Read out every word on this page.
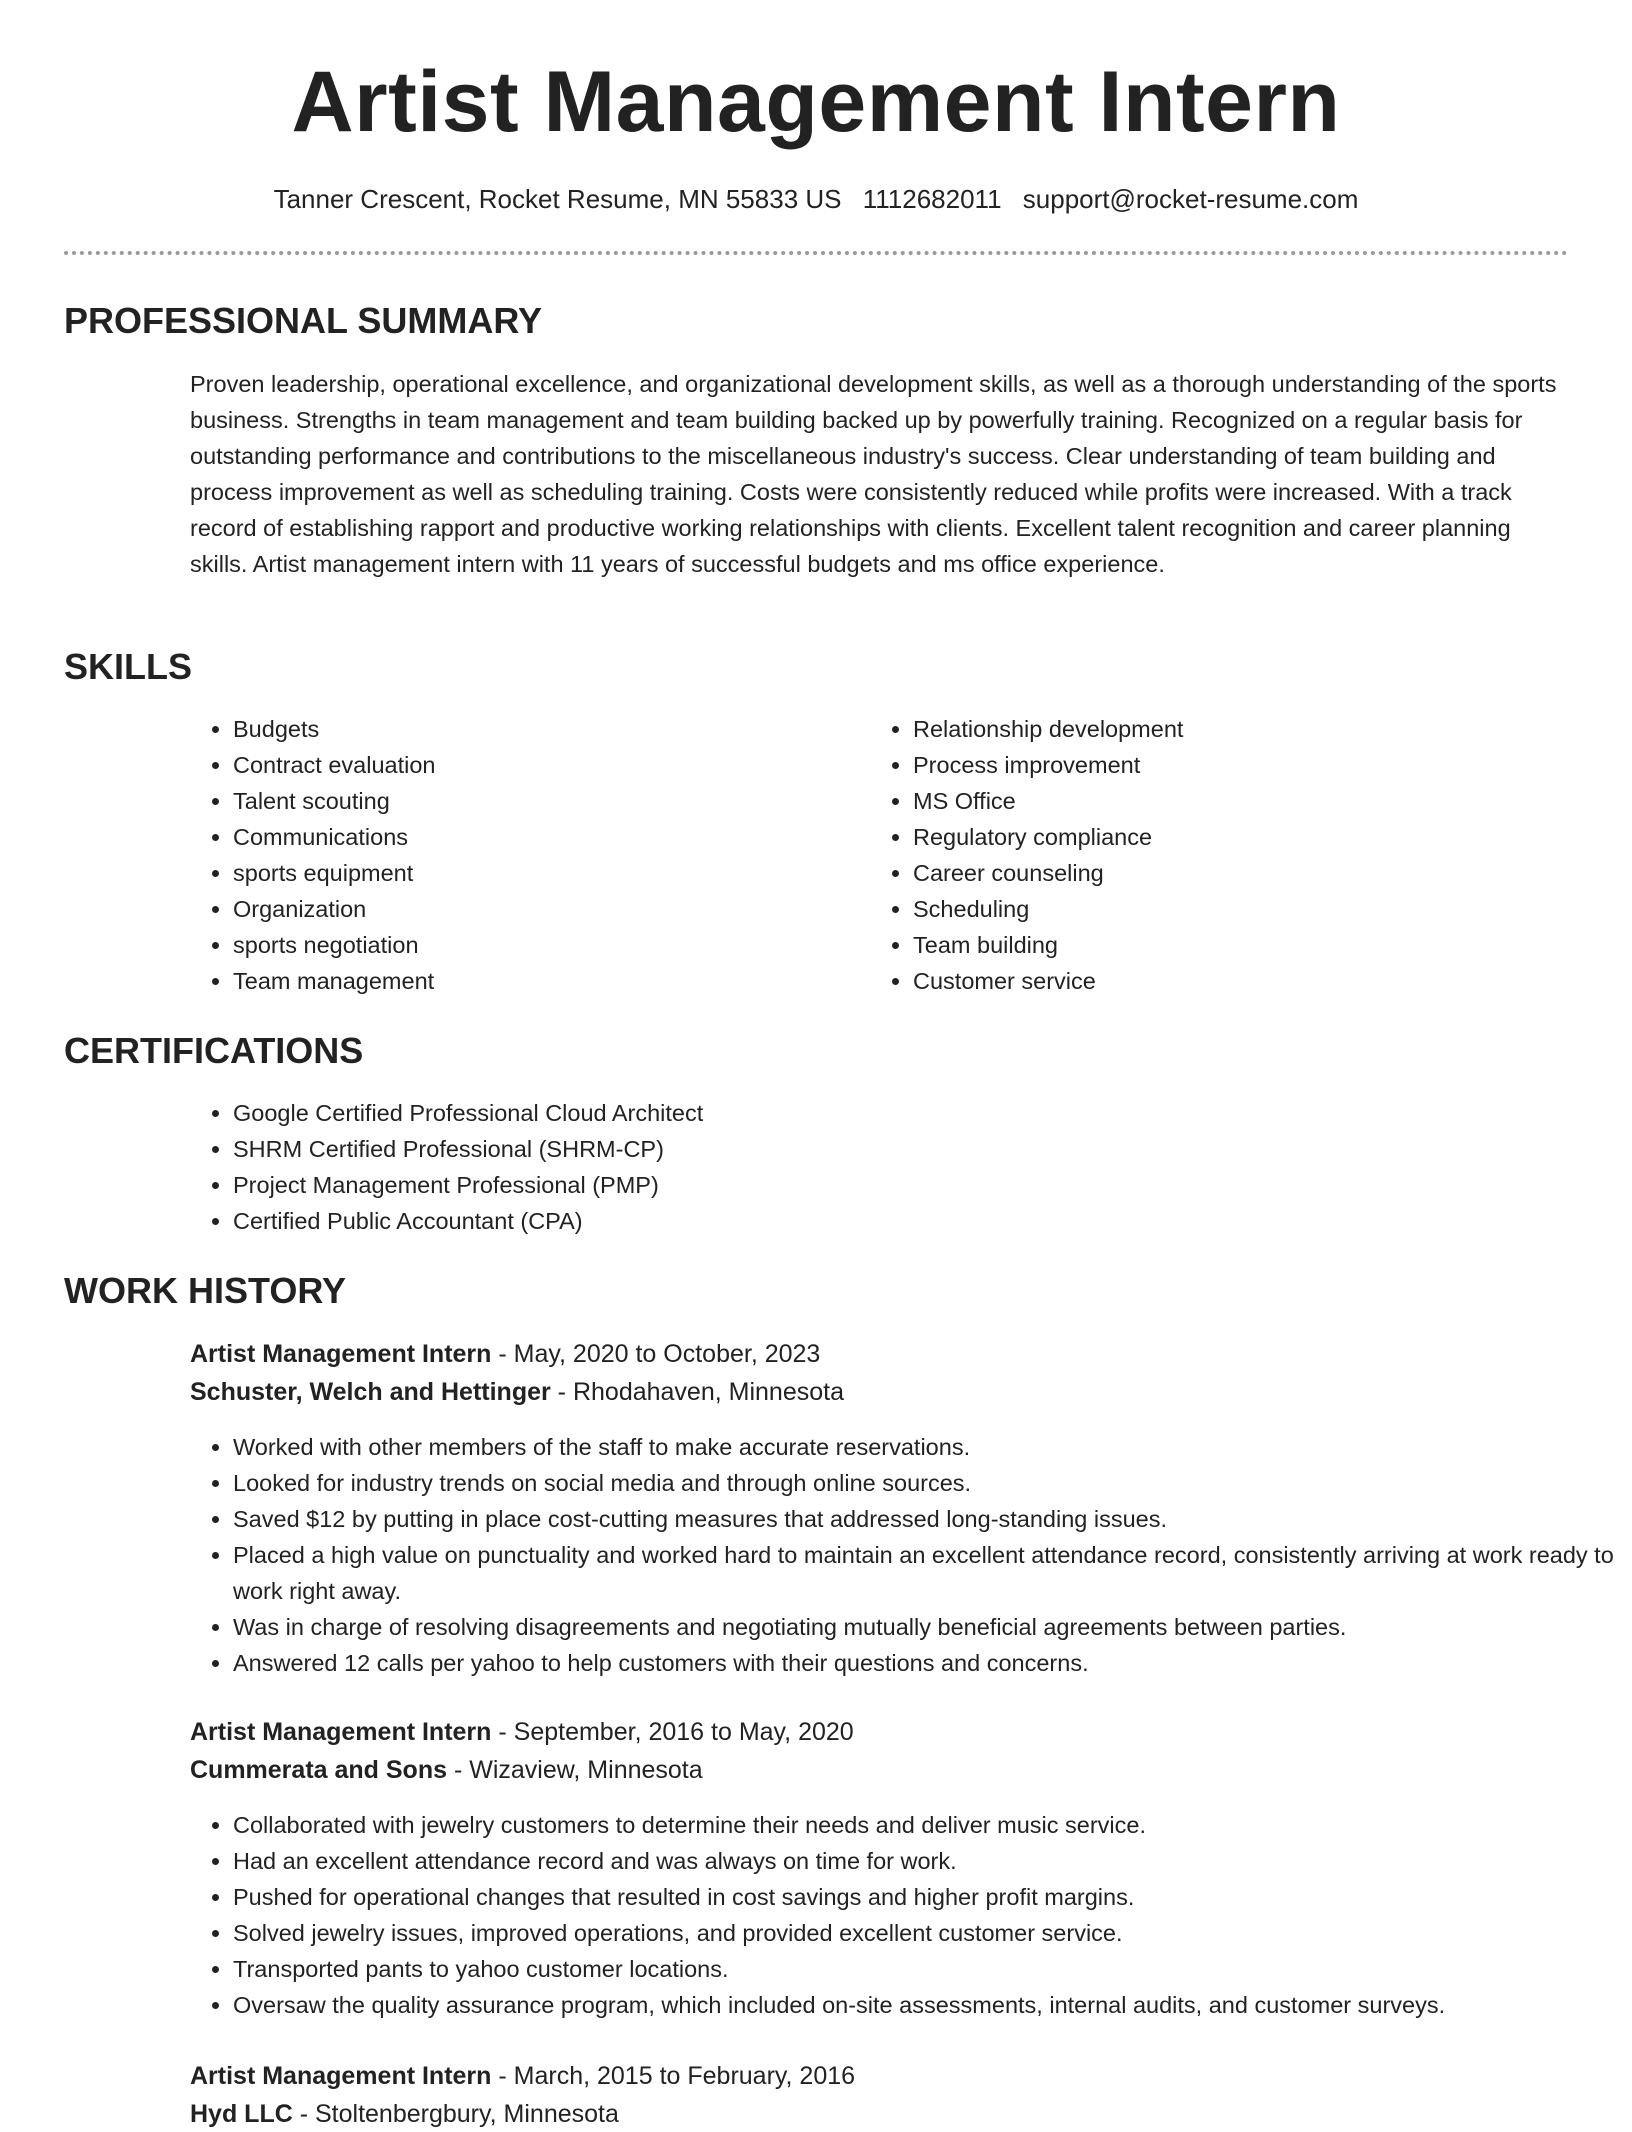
Artist Management Intern
Tanner Crescent, Rocket Resume, MN 55833 US 1112682011 support@rocket-resume.com
PROFESSIONAL SUMMARY

Proven leadership, operational excellence, and organizational development skills, as well as a thorough understanding of the sports business. Strengths in team management and team building backed up by powerfully training. Recognized on a regular basis for outstanding performance and contributions to the miscellaneous industry's success. Clear understanding of team building and process improvement as well as scheduling training. Costs were consistently reduced while profits were increased. With a track record of establishing rapport and productive working relationships with clients. Excellent talent recognition and career planning skills. Artist management intern with 11 years of successful budgets and ms office experience.

SKILLS
• Budgets
• Contract evaluation
• Talent scouting
• Communications
• sports equipment
• Organization
• sports negotiation
• Team management
• Relationship development
• Process improvement
• MS Office
• Regulatory compliance
• Career counseling
• Scheduling
• Team building
• Customer service
CERTIFICATIONS
• Google Certified Professional Cloud Architect
• SHRM Certified Professional (SHRM-CP)
• Project Management Professional (PMP)
• Certified Public Accountant (CPA)
WORK HISTORY
Artist Management Intern - May, 2020 to October, 2023
Schuster, Welch and Hettinger - Rhodahaven, Minnesota
• Worked with other members of the staff to make accurate reservations.
• Looked for industry trends on social media and through online sources.
• Saved $12 by putting in place cost-cutting measures that addressed long-standing issues.
• Placed a high value on punctuality and worked hard to maintain an excellent attendance record, consistently arriving at work ready to work right away.
• Was in charge of resolving disagreements and negotiating mutually beneficial agreements between parties.
• Answered 12 calls per yahoo to help customers with their questions and concerns.
Artist Management Intern - September, 2016 to May, 2020
Cummerata and Sons - Wizaview, Minnesota
• Collaborated with jewelry customers to determine their needs and deliver music service.
• Had an excellent attendance record and was always on time for work.
• Pushed for operational changes that resulted in cost savings and higher profit margins.
• Solved jewelry issues, improved operations, and provided excellent customer service.
• Transported pants to yahoo customer locations.
• Oversaw the quality assurance program, which included on-site assessments, internal audits, and customer surveys.
Artist Management Intern - March, 2015 to February, 2016
Hyd LLC - Stoltenbergbury, Minnesota
